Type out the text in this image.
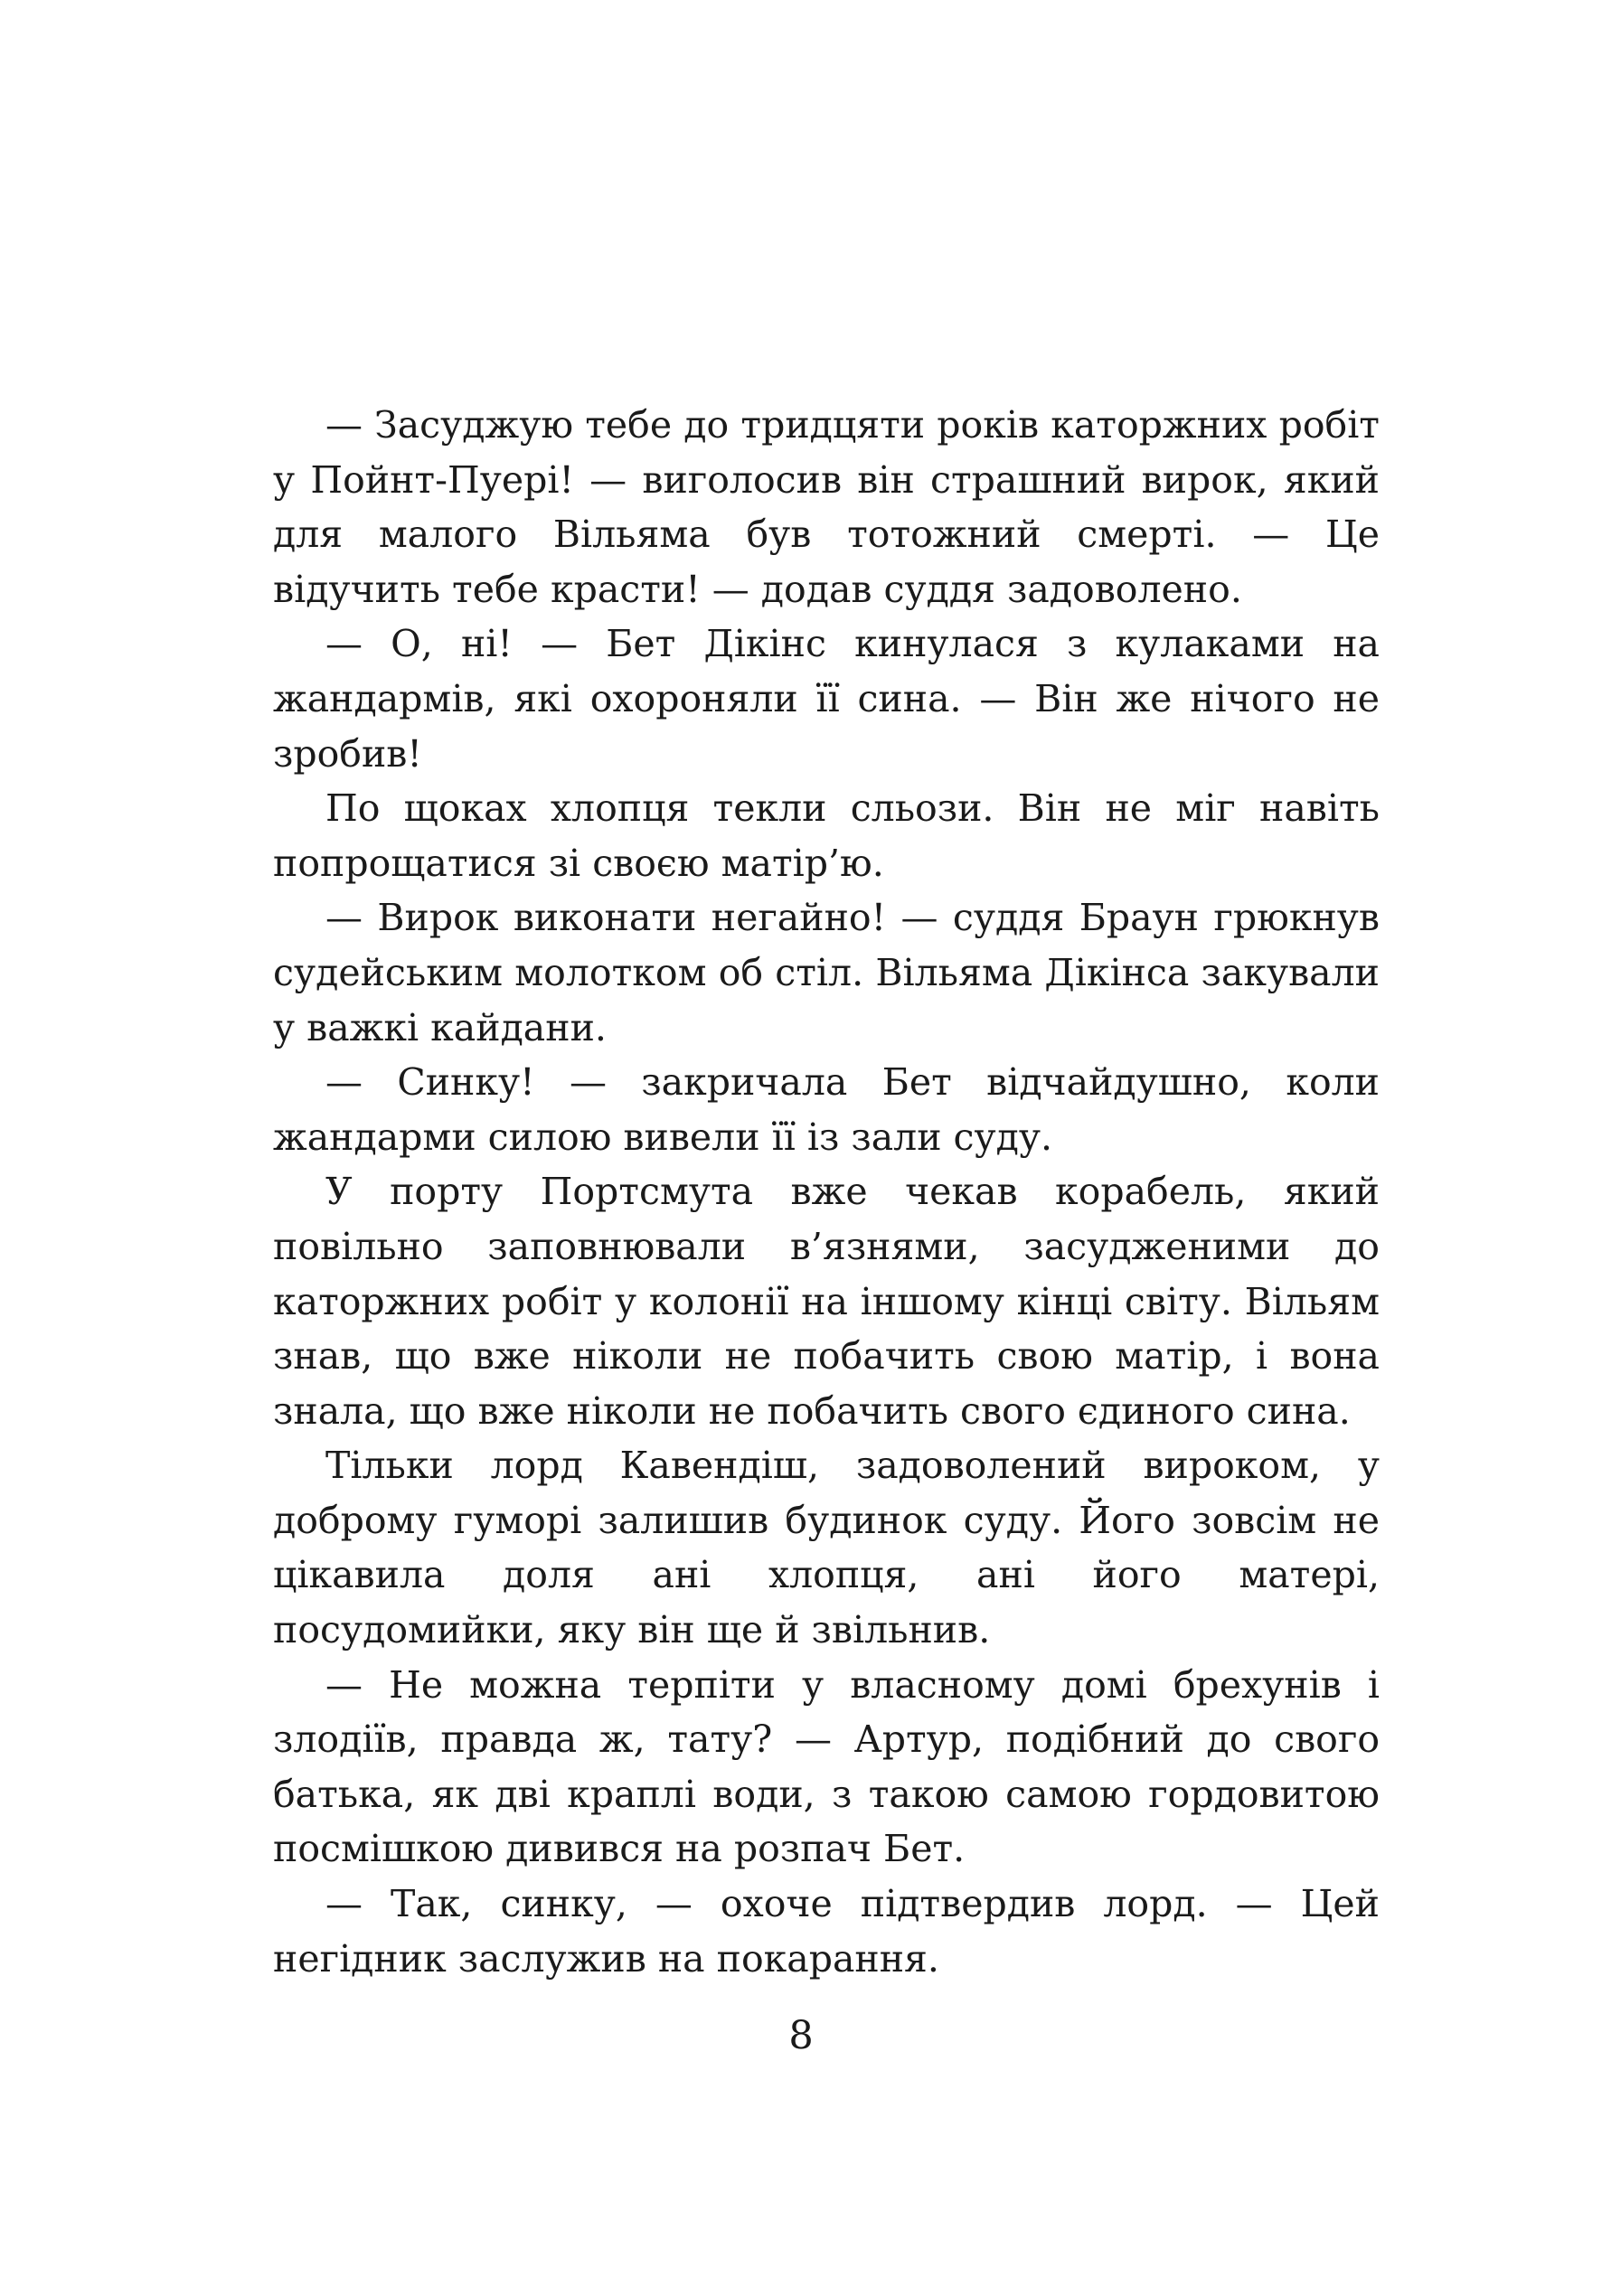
— Засуджую тебе до тридцяти років каторжних робіт у Пойнт-Пуері! — виголосив він страшний вирок, який для малого Вільяма був тотожний смерті. — Це відучить тебе красти! — додав суддя задоволено.

— О, ні! — Бет Дікінс кинулася з кулаками на жандармів, які охороняли її сина. — Він же нічого не зробив!

По щоках хлопця текли сльози. Він не міг навіть попрощатися зі своєю матір’ю.

— Вирок виконати негайно! — суддя Браун грюкнув судейським молотком об стіл. Вільяма Дікінса закували у важкі кайдани.

— Синку! — закричала Бет відчайдушно, коли жандарми силою вивели її із зали суду.

У порту Портсмута вже чекав корабель, який повільно заповнювали в’язнями, засудженими до каторжних робіт у колонії на іншому кінці світу. Вільям знав, що вже ніколи не побачить свою матір, і вона знала, що вже ніколи не побачить свого єдиного сина.

Тільки лорд Кавендіш, задоволений вироком, у доброму гуморі залишив будинок суду. Його зовсім не цікавила доля ані хлопця, ані його матері, посудомийки, яку він ще й звільнив.

— Не можна терпіти у власному домі брехунів і злодіїв, правда ж, тату? — Артур, подібний до свого батька, як дві краплі води, з такою самою гордовитою посмішкою дивився на розпач Бет.

— Так, синку, — охоче підтвердив лорд. — Цей негідник заслужив на покарання.

8
